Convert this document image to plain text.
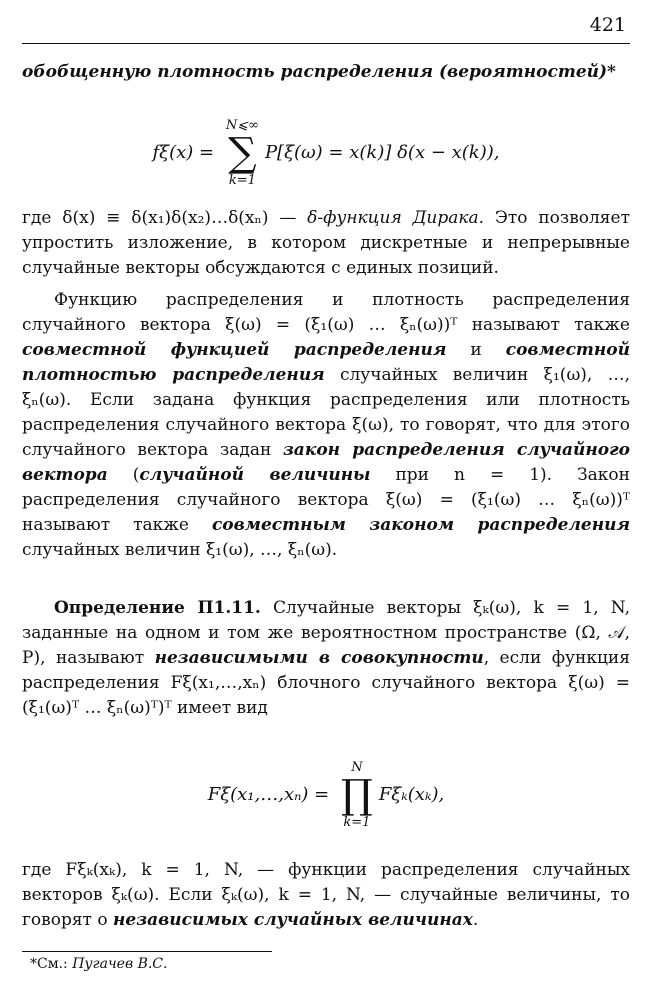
421
обобщенную плотность распределения (вероятностей)*
fξ(x) =
N⩽∞
∑
k=1
P[ξ(ω) = x(k)] δ(x − x(k)),
где δ(x) ≡ δ(x₁)δ(x₂)…δ(xₙ) — δ-функция Дирака. Это позволяет упростить изложение, в котором дискретные и непрерывные случайные векторы обсуждаются с единых позиций.
Функцию распределения и плотность распределения случайного вектора ξ(ω) = (ξ₁(ω) … ξₙ(ω))ᵀ называют также совместной функцией распределения и совместной плотностью распределения случайных величин ξ₁(ω), …, ξₙ(ω). Если задана функция распределения или плотность распределения случайного вектора ξ(ω), то говорят, что для этого случайного вектора задан закон распределения случайного вектора (случайной величины при n = 1). Закон распределения случайного вектора ξ(ω) = (ξ₁(ω) … ξₙ(ω))ᵀ называют также совместным законом распределения случайных величин ξ₁(ω), …, ξₙ(ω).
Определение П1.11. Случайные векторы ξₖ(ω), k = 1, N, заданные на одном и том же вероятностном пространстве (Ω, 𝒜, P), называют независимыми в совокупности, если функция распределения Fξ(x₁,…,xₙ) блочного случайного вектора ξ(ω) = (ξ₁(ω)ᵀ … ξₙ(ω)ᵀ)ᵀ имеет вид
Fξ(x₁,…,xₙ) =
N
∏
k=1
Fξₖ(xₖ),
где Fξₖ(xₖ), k = 1, N, — функции распределения случайных векторов ξₖ(ω). Если ξₖ(ω), k = 1, N, — случайные величины, то говорят о независимых случайных величинах.
*См.: Пугачев В.С.
